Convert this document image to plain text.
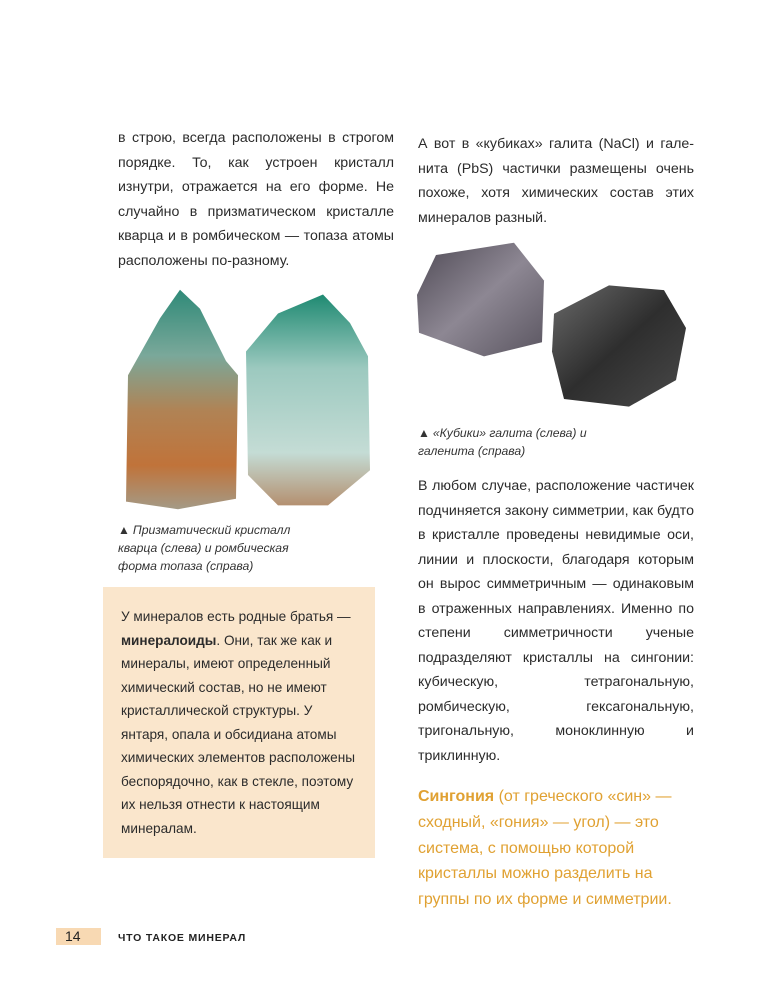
в строю, всегда расположены в строгом порядке. То, как устроен кристалл изнутри, отражается на его форме. Не случайно в призматическом кристалле кварца и в ромбическом — топаза атомы расположены по-разному.

▲ Призматический кристалл кварца (слева) и ромбическая форма топаза (справа)

У минералов есть родные братья — минералоиды. Они, так же как и минералы, имеют определенный химический состав, но не имеют кристаллической структуры. У янтаря, опала и обсидиана атомы химических элементов расположены беспорядочно, как в стекле, поэтому их нельзя отнести к настоящим минералам.

А вот в «кубиках» галита (NaCl) и галенита (PbS) частички размещены очень похоже, хотя химических состав этих минералов разный.

▲ «Кубики» галита (слева) и галенита (справа)

В любом случае, расположение частичек подчиняется закону симметрии, как будто в кристалле проведены невидимые оси, линии и плоскости, благодаря которым он вырос симметричным — одинаковым в отраженных направлениях. Именно по степени симметричности ученые подразделяют кристаллы на сингонии: кубическую, тетрагональную, ромбическую, гексагональную, тригональную, моноклинную и триклинную.

Сингония (от греческого «син» — сходный, «гония» — угол) — это система, с помощью которой кристаллы можно разделить на группы по их форме и симметрии.

14	ЧТО ТАКОЕ МИНЕРАЛ
